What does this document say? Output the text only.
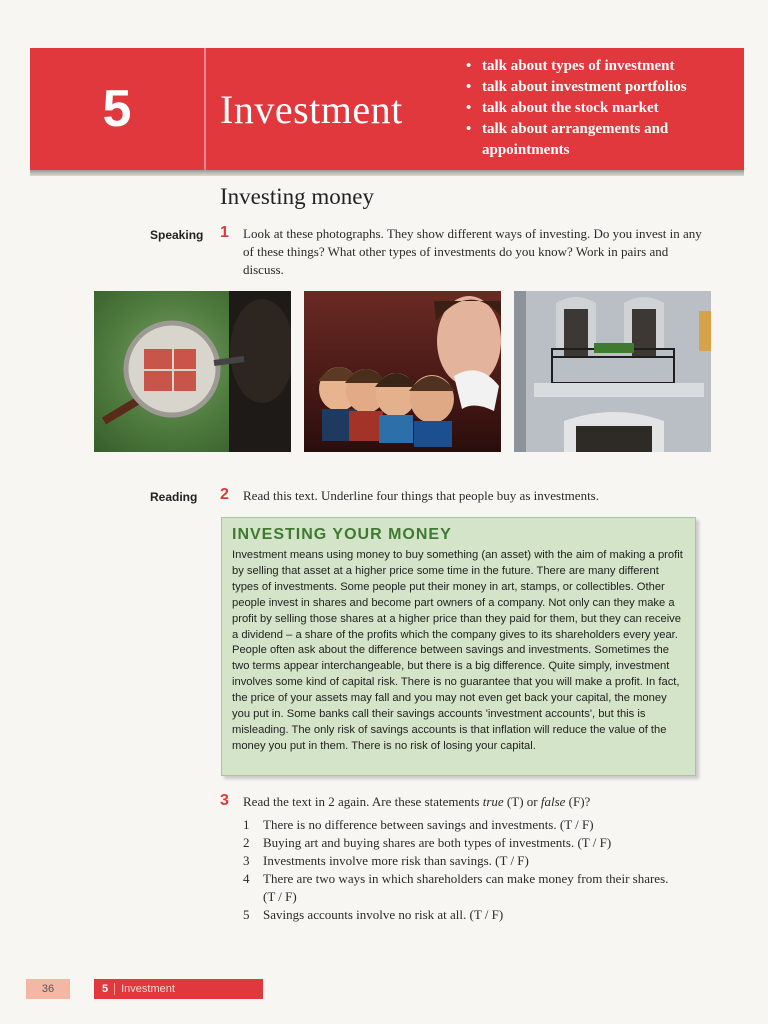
5	Investment
• talk about types of investment
• talk about investment portfolios
• talk about the stock market
• talk about arrangements and appointments
Investing money
Speaking 1 Look at these photographs. They show different ways of investing. Do you invest in any of these things? What other types of investments do you know? Work in pairs and discuss.
Reading	2 Read this text. Underline four things that people buy as investments.
INVESTING YOUR MONEY
Investment means using money to buy something (an asset) with the aim of making a profit by selling that asset at a higher price some time in the future. There are many different types of investments. Some people put their money in art, stamps, or collectibles. Other people invest in shares and become part owners of a company. Not only can they make a profit by selling those shares at a higher price than they paid for them, but they can receive a dividend – a share of the profits which the company gives to its shareholders every year. People often ask about the difference between savings and investments. Sometimes the two terms appear interchangeable, but there is a big difference. Quite simply, investment involves some kind of capital risk. There is no guarantee that you will make a profit. In fact, the price of your assets may fall and you may not even get back your capital, the money you put in. Some banks call their savings accounts 'investment accounts', but this is misleading. The only risk of savings accounts is that inflation will reduce the value of the money you put in them. There is no risk of losing your capital.
3 Read the text in 2 again. Are these statements true (T) or false (F)?
1 There is no difference between savings and investments. (T / F)
2 Buying art and buying shares are both types of investments. (T / F)
3 Investments involve more risk than savings. (T / F)
4 There are two ways in which shareholders can make money from their shares. (T / F)
5 Savings accounts involve no risk at all. (T / F)
36	5	Investment
